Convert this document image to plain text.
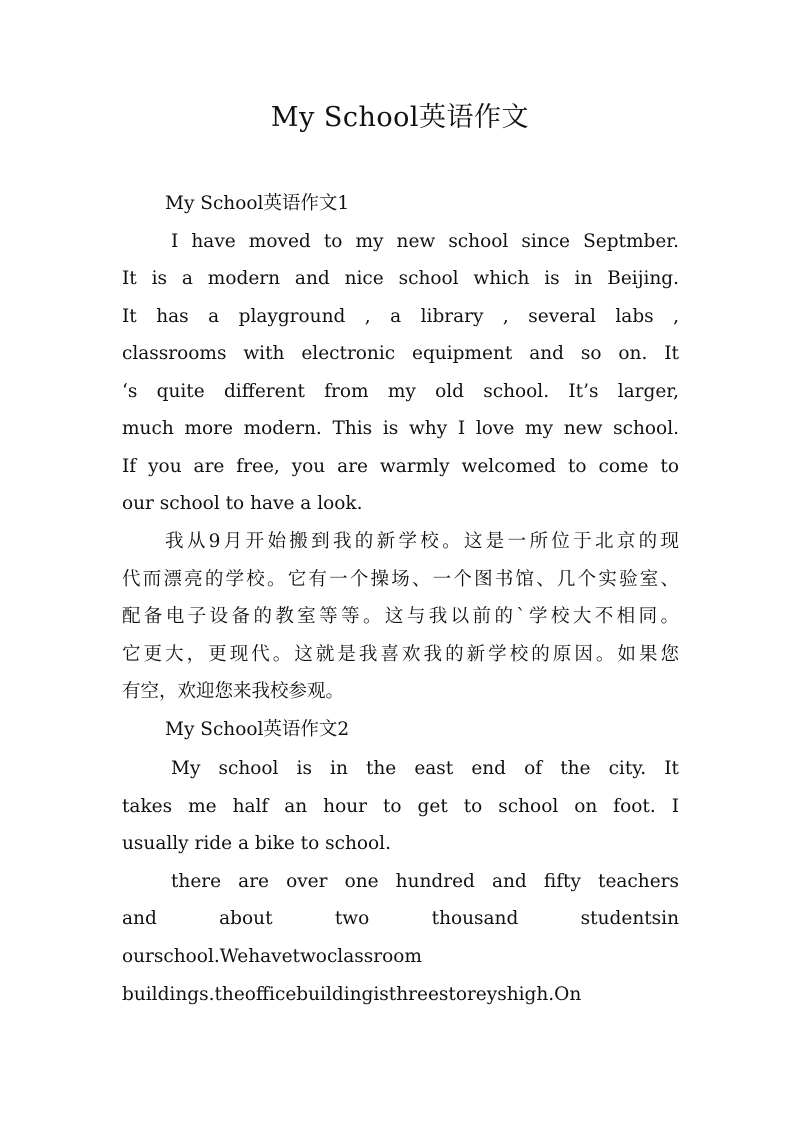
My School英语作文
My School英语作文1
I have moved to my new school since Septmber.
It is a modern and nice school which is in Beijing.
It has a playground , a library , several labs ,
classrooms with electronic equipment and so on. It
‘s quite different from my old school. It’s larger,
much more modern. This is why I love my new school.
If you are free, you are warmly welcomed to come to
our school to have a look.
我从9月开始搬到我的新学校。这是一所位于北京的现
代而漂亮的学校。它有一个操场、一个图书馆、几个实验室、
配备电子设备的教室等等。这与我以前的`学校大不相同。
它更大，更现代。这就是我喜欢我的新学校的原因。如果您
有空，欢迎您来我校参观。
My School英语作文2
My school is in the east end of the city. It
takes me half an hour to get to school on foot. I
usually ride a bike to school.
there are over one hundred and fifty teachers
and about two thousand studentsin
ourschool.Wehavetwoclassroom
buildings.theofficebuildingisthreestoreyshigh.On
